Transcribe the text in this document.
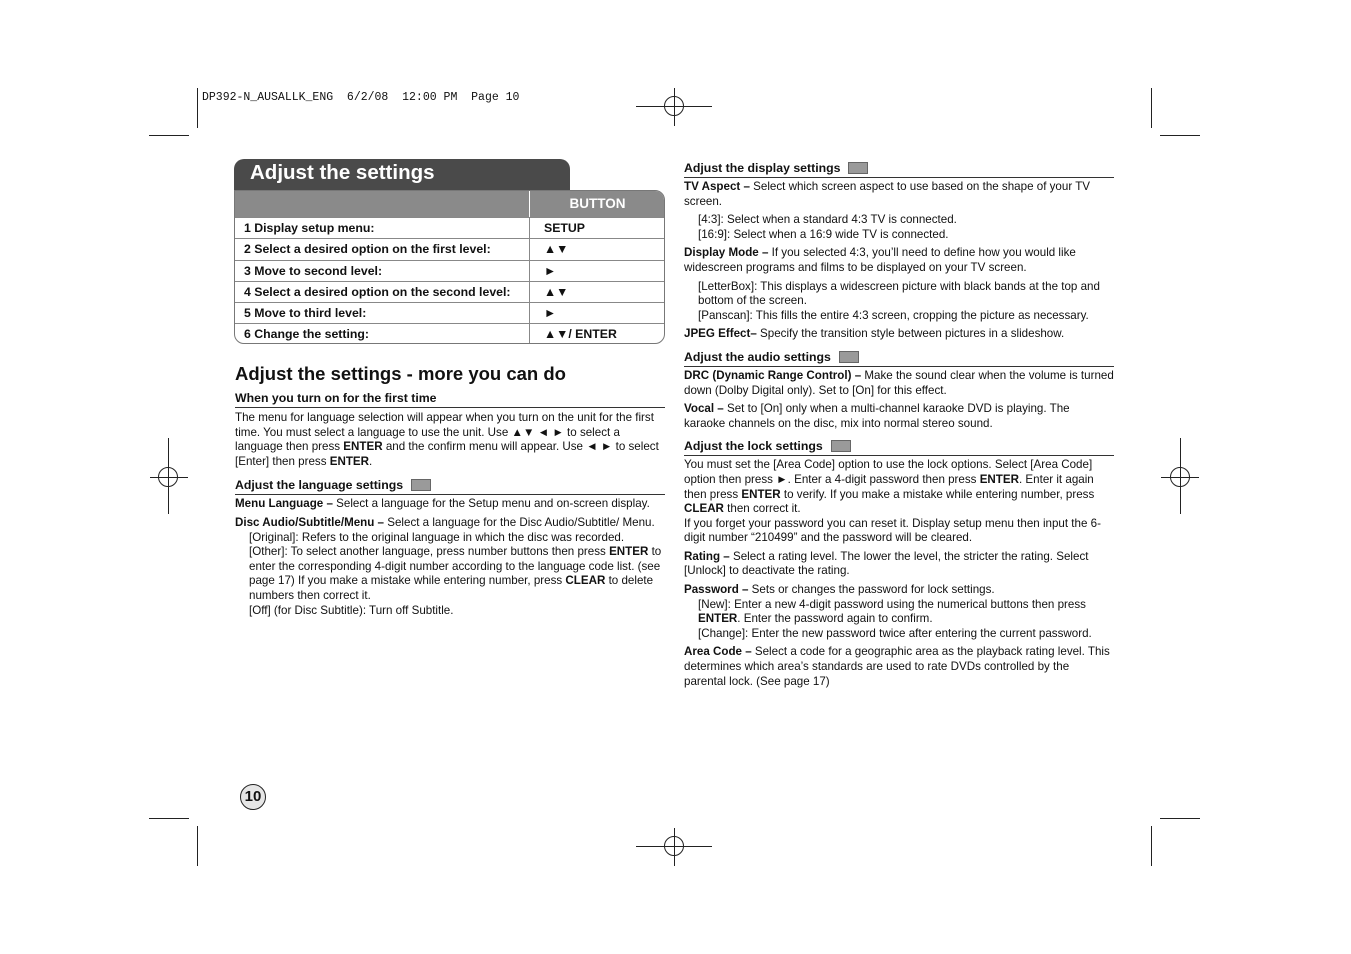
DP392-N_AUSALLK_ENG  6/2/08  12:00 PM  Page 10
Adjust the settings
BUTTON
1 Display setup menu:	SETUP
2 Select a desired option on the first level:	▲▼
3 Move to second level:	►
4 Select a desired option on the second level:	▲▼
5 Move to third level:	►
6 Change the setting:	▲▼/ ENTER
Adjust the settings - more you can do
When you turn on for the first time

The menu for language selection will appear when you turn on the unit for the first time. You must select a language to use the unit. Use ▲▼ ◄ ► to select a language then press ENTER and the confirm menu will appear. Use ◄ ► to select [Enter] then press ENTER.

Adjust the language settings

Menu Language – Select a language for the Setup menu and on-screen display.

Disc Audio/Subtitle/Menu – Select a language for the Disc Audio/Subtitle/ Menu.

[Original]: Refers to the original language in which the disc was recorded.

[Other]: To select another language, press number buttons then press ENTER to enter the corresponding 4-digit number according to the language code list. (see page 17) If you make a mistake while entering number, press CLEAR to delete numbers then correct it.

[Off] (for Disc Subtitle): Turn off Subtitle.

Adjust the display settings

TV Aspect – Select which screen aspect to use based on the shape of your TV screen.

[4:3]: Select when a standard 4:3 TV is connected.

[16:9]: Select when a 16:9 wide TV is connected.

Display Mode – If you selected 4:3, you’ll need to define how you would like widescreen programs and films to be displayed on your TV screen.

[LetterBox]: This displays a widescreen picture with black bands at the top and bottom of the screen.

[Panscan]: This fills the entire 4:3 screen, cropping the picture as necessary.

JPEG Effect– Specify the transition style between pictures in a slideshow.

Adjust the audio settings

DRC (Dynamic Range Control) – Make the sound clear when the volume is turned down (Dolby Digital only). Set to [On] for this effect.

Vocal – Set to [On] only when a multi-channel karaoke DVD is playing. The karaoke channels on the disc, mix into normal stereo sound.

Adjust the lock settings

You must set the [Area Code] option to use the lock options. Select [Area Code] option then press ►. Enter a 4-digit password then press ENTER. Enter it again then press ENTER to verify. If you make a mistake while entering number, press CLEAR then correct it.

If you forget your password you can reset it. Display setup menu then input the 6-digit number “210499” and the password will be cleared.

Rating – Select a rating level. The lower the level, the stricter the rating. Select [Unlock] to deactivate the rating.

Password – Sets or changes the password for lock settings.

[New]: Enter a new 4-digit password using the numerical buttons then press ENTER. Enter the password again to confirm.

[Change]: Enter the new password twice after entering the current password.

Area Code – Select a code for a geographic area as the playback rating level. This determines which area’s standards are used to rate DVDs controlled by the parental lock. (See page 17)

10
